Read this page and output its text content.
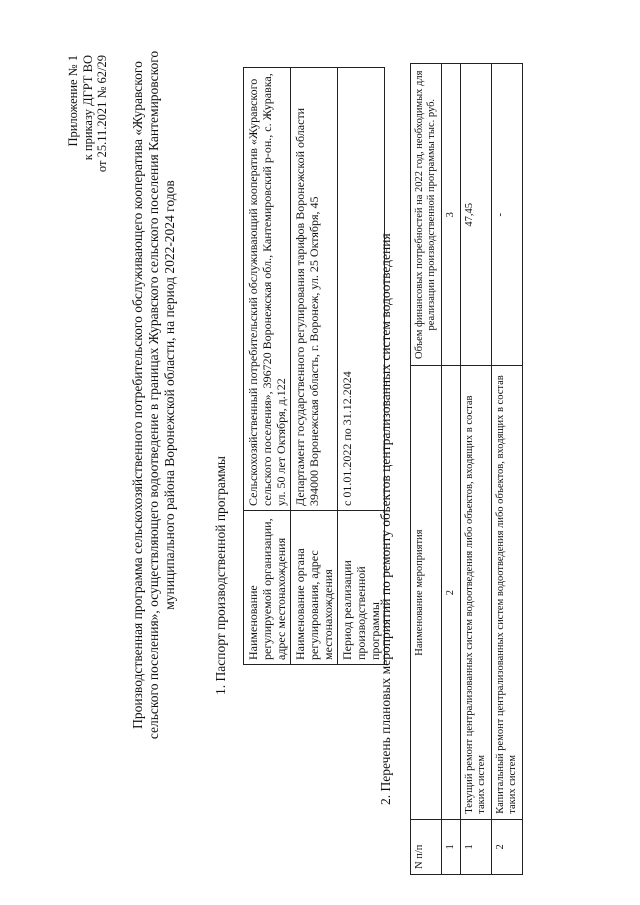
Приложение № 1 к приказу ДГРТ ВО от 25.11.2021 № 62/29 Производственная программа сельскохозяйственного потребительского обслуживающего кооператива «Журавского сельского поселения», осуществляющего водоотведение в границах Журавского сельского поселения Кантемировского муниципального района Воронежской области, на период 2022-2024 годов	1. Паспорт производственной программы Наименование регулируемой организации, адрес местонахождения	Сельскохозяйственный потребительский обслуживающий кооператив «Журавского сельского поселения», 396720 Воронежская обл., Кантемировский р-он., с. Журавка, ул. 50 лет Октября, д.122
Наименование органа регулирования, адрес местонахождения	Департамент государственного регулирования тарифов Воронежской области 394000 Воронежская область, г. Воронеж, ул. 25 Октября, 45
Период реализации производственной программы	с 01.01.2022 по 31.12.2024 2. Перечень плановых мероприятий по ремонту объектов централизованных систем водоотведения
N п/п	Наименование мероприятия	Объем финансовых потребностей на 2022 год, необходимых для реализации производственной программы тыс. руб.
1	2	3
1	Текущий ремонт централизованных систем водоотведения либо объектов, входящих в состав таких систем	47,45
2	Капитальный ремонт централизованных систем водоотведения либо объектов, входящих в состав таких систем	-
